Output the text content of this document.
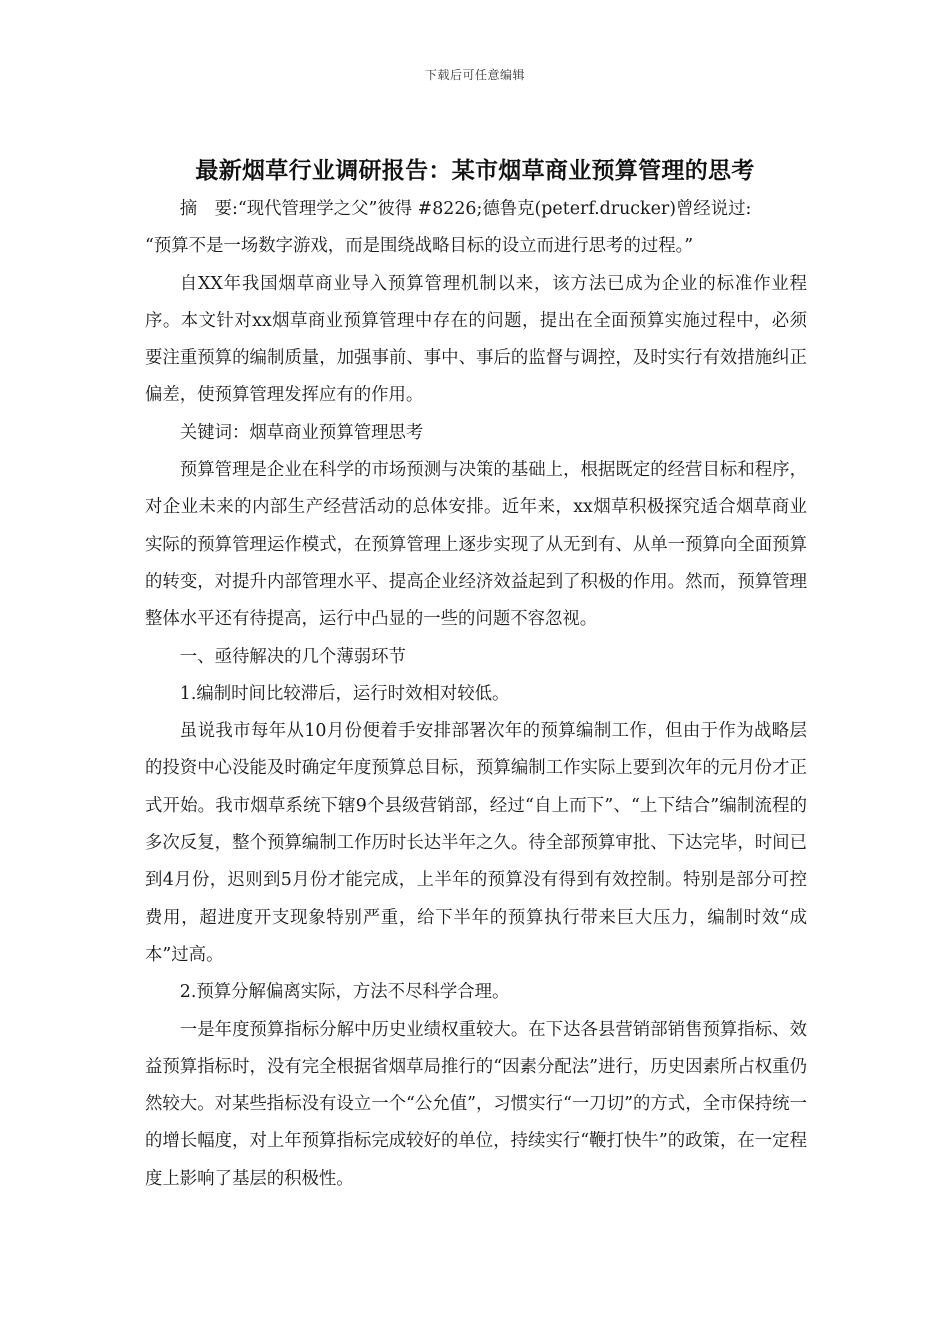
下载后可任意编辑
最新烟草行业调研报告：某市烟草商业预算管理的思考

摘　要:“现代管理学之父”彼得 #8226;德鲁克(peterf.drucker)曾经说过:

“预算不是一场数字游戏，而是围绕战略目标的设立而进行思考的过程。”

自XX年我国烟草商业导入预算管理机制以来，该方法已成为企业的标准作业程序。本文针对xx烟草商业预算管理中存在的问题，提出在全面预算实施过程中，必须要注重预算的编制质量，加强事前、事中、事后的监督与调控，及时实行有效措施纠正偏差，使预算管理发挥应有的作用。

关键词：烟草商业预算管理思考

预算管理是企业在科学的市场预测与决策的基础上，根据既定的经营目标和程序，对企业未来的内部生产经营活动的总体安排。近年来，xx烟草积极探究适合烟草商业实际的预算管理运作模式，在预算管理上逐步实现了从无到有、从单一预算向全面预算的转变，对提升内部管理水平、提高企业经济效益起到了积极的作用。然而，预算管理整体水平还有待提高，运行中凸显的一些的问题不容忽视。

一、亟待解决的几个薄弱环节

1.编制时间比较滞后，运行时效相对较低。

虽说我市每年从10月份便着手安排部署次年的预算编制工作，但由于作为战略层的投资中心没能及时确定年度预算总目标，预算编制工作实际上要到次年的元月份才正式开始。我市烟草系统下辖9个县级营销部，经过“自上而下”、“上下结合”编制流程的多次反复，整个预算编制工作历时长达半年之久。待全部预算审批、下达完毕，时间已到4月份，迟则到5月份才能完成，上半年的预算没有得到有效控制。特别是部分可控费用，超进度开支现象特别严重，给下半年的预算执行带来巨大压力，编制时效“成本”过高。

2.预算分解偏离实际，方法不尽科学合理。

一是年度预算指标分解中历史业绩权重较大。在下达各县营销部销售预算指标、效益预算指标时，没有完全根据省烟草局推行的“因素分配法”进行，历史因素所占权重仍然较大。对某些指标没有设立一个“公允值”，习惯实行“一刀切”的方式，全市保持统一的增长幅度，对上年预算指标完成较好的单位，持续实行“鞭打快牛”的政策，在一定程度上影响了基层的积极性。
